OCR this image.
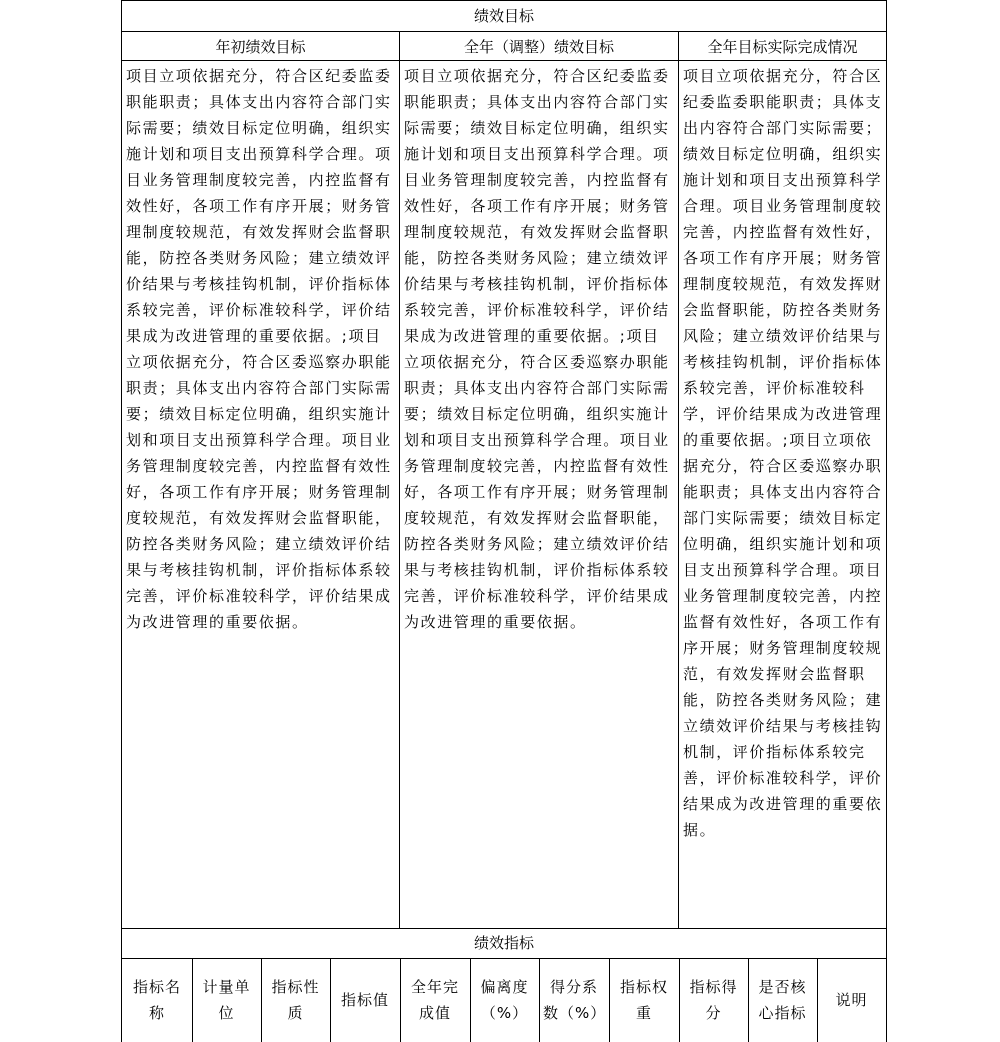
绩效目标
年初绩效目标	全年（调整）绩效目标	全年目标实际完成情况
项目立项依据充分，符合区纪委监委职能职责；具体支出内容符合部门实际需要；绩效目标定位明确，组织实施计划和项目支出预算科学合理。项目业务管理制度较完善，内控监督有效性好，各项工作有序开展；财务管理制度较规范，有效发挥财会监督职能，防控各类财务风险；建立绩效评价结果与考核挂钩机制，评价指标体系较完善，评价标准较科学，评价结果成为改进管理的重要依据。;项目立项依据充分，符合区委巡察办职能职责；具体支出内容符合部门实际需要；绩效目标定位明确，组织实施计划和项目支出预算科学合理。项目业务管理制度较完善，内控监督有效性好，各项工作有序开展；财务管理制度较规范，有效发挥财会监督职能，防控各类财务风险；建立绩效评价结果与考核挂钩机制，评价指标体系较完善，评价标准较科学，评价结果成为改进管理的重要依据。
项目立项依据充分，符合区纪委监委职能职责；具体支出内容符合部门实际需要；绩效目标定位明确，组织实施计划和项目支出预算科学合理。项目业务管理制度较完善，内控监督有效性好，各项工作有序开展；财务管理制度较规范，有效发挥财会监督职能，防控各类财务风险；建立绩效评价结果与考核挂钩机制，评价指标体系较完善，评价标准较科学，评价结果成为改进管理的重要依据。;项目立项依据充分，符合区委巡察办职能职责；具体支出内容符合部门实际需要；绩效目标定位明确，组织实施计划和项目支出预算科学合理。项目业务管理制度较完善，内控监督有效性好，各项工作有序开展；财务管理制度较规范，有效发挥财会监督职能，防控各类财务风险；建立绩效评价结果与考核挂钩机制，评价指标体系较完善，评价标准较科学，评价结果成为改进管理的重要依据。
项目立项依据充分，符合区纪委监委职能职责；具体支出内容符合部门实际需要；绩效目标定位明确，组织实施计划和项目支出预算科学合理。项目业务管理制度较完善，内控监督有效性好，各项工作有序开展；财务管理制度较规范，有效发挥财会监督职能，防控各类财务风险；建立绩效评价结果与考核挂钩机制，评价指标体系较完善，评价标准较科学，评价结果成为改进管理的重要依据。;项目立项依据充分，符合区委巡察办职能职责；具体支出内容符合部门实际需要；绩效目标定位明确，组织实施计划和项目支出预算科学合理。项目业务管理制度较完善，内控监督有效性好，各项工作有序开展；财务管理制度较规范，有效发挥财会监督职能，防控各类财务风险；建立绩效评价结果与考核挂钩机制，评价指标体系较完善，评价标准较科学，评价结果成为改进管理的重要依据。
绩效指标
指标名称
计量单位
指标性质
指标值
全年完成值
偏离度（%）
得分系数（%）
指标权重
指标得分
是否核心指标
说明
